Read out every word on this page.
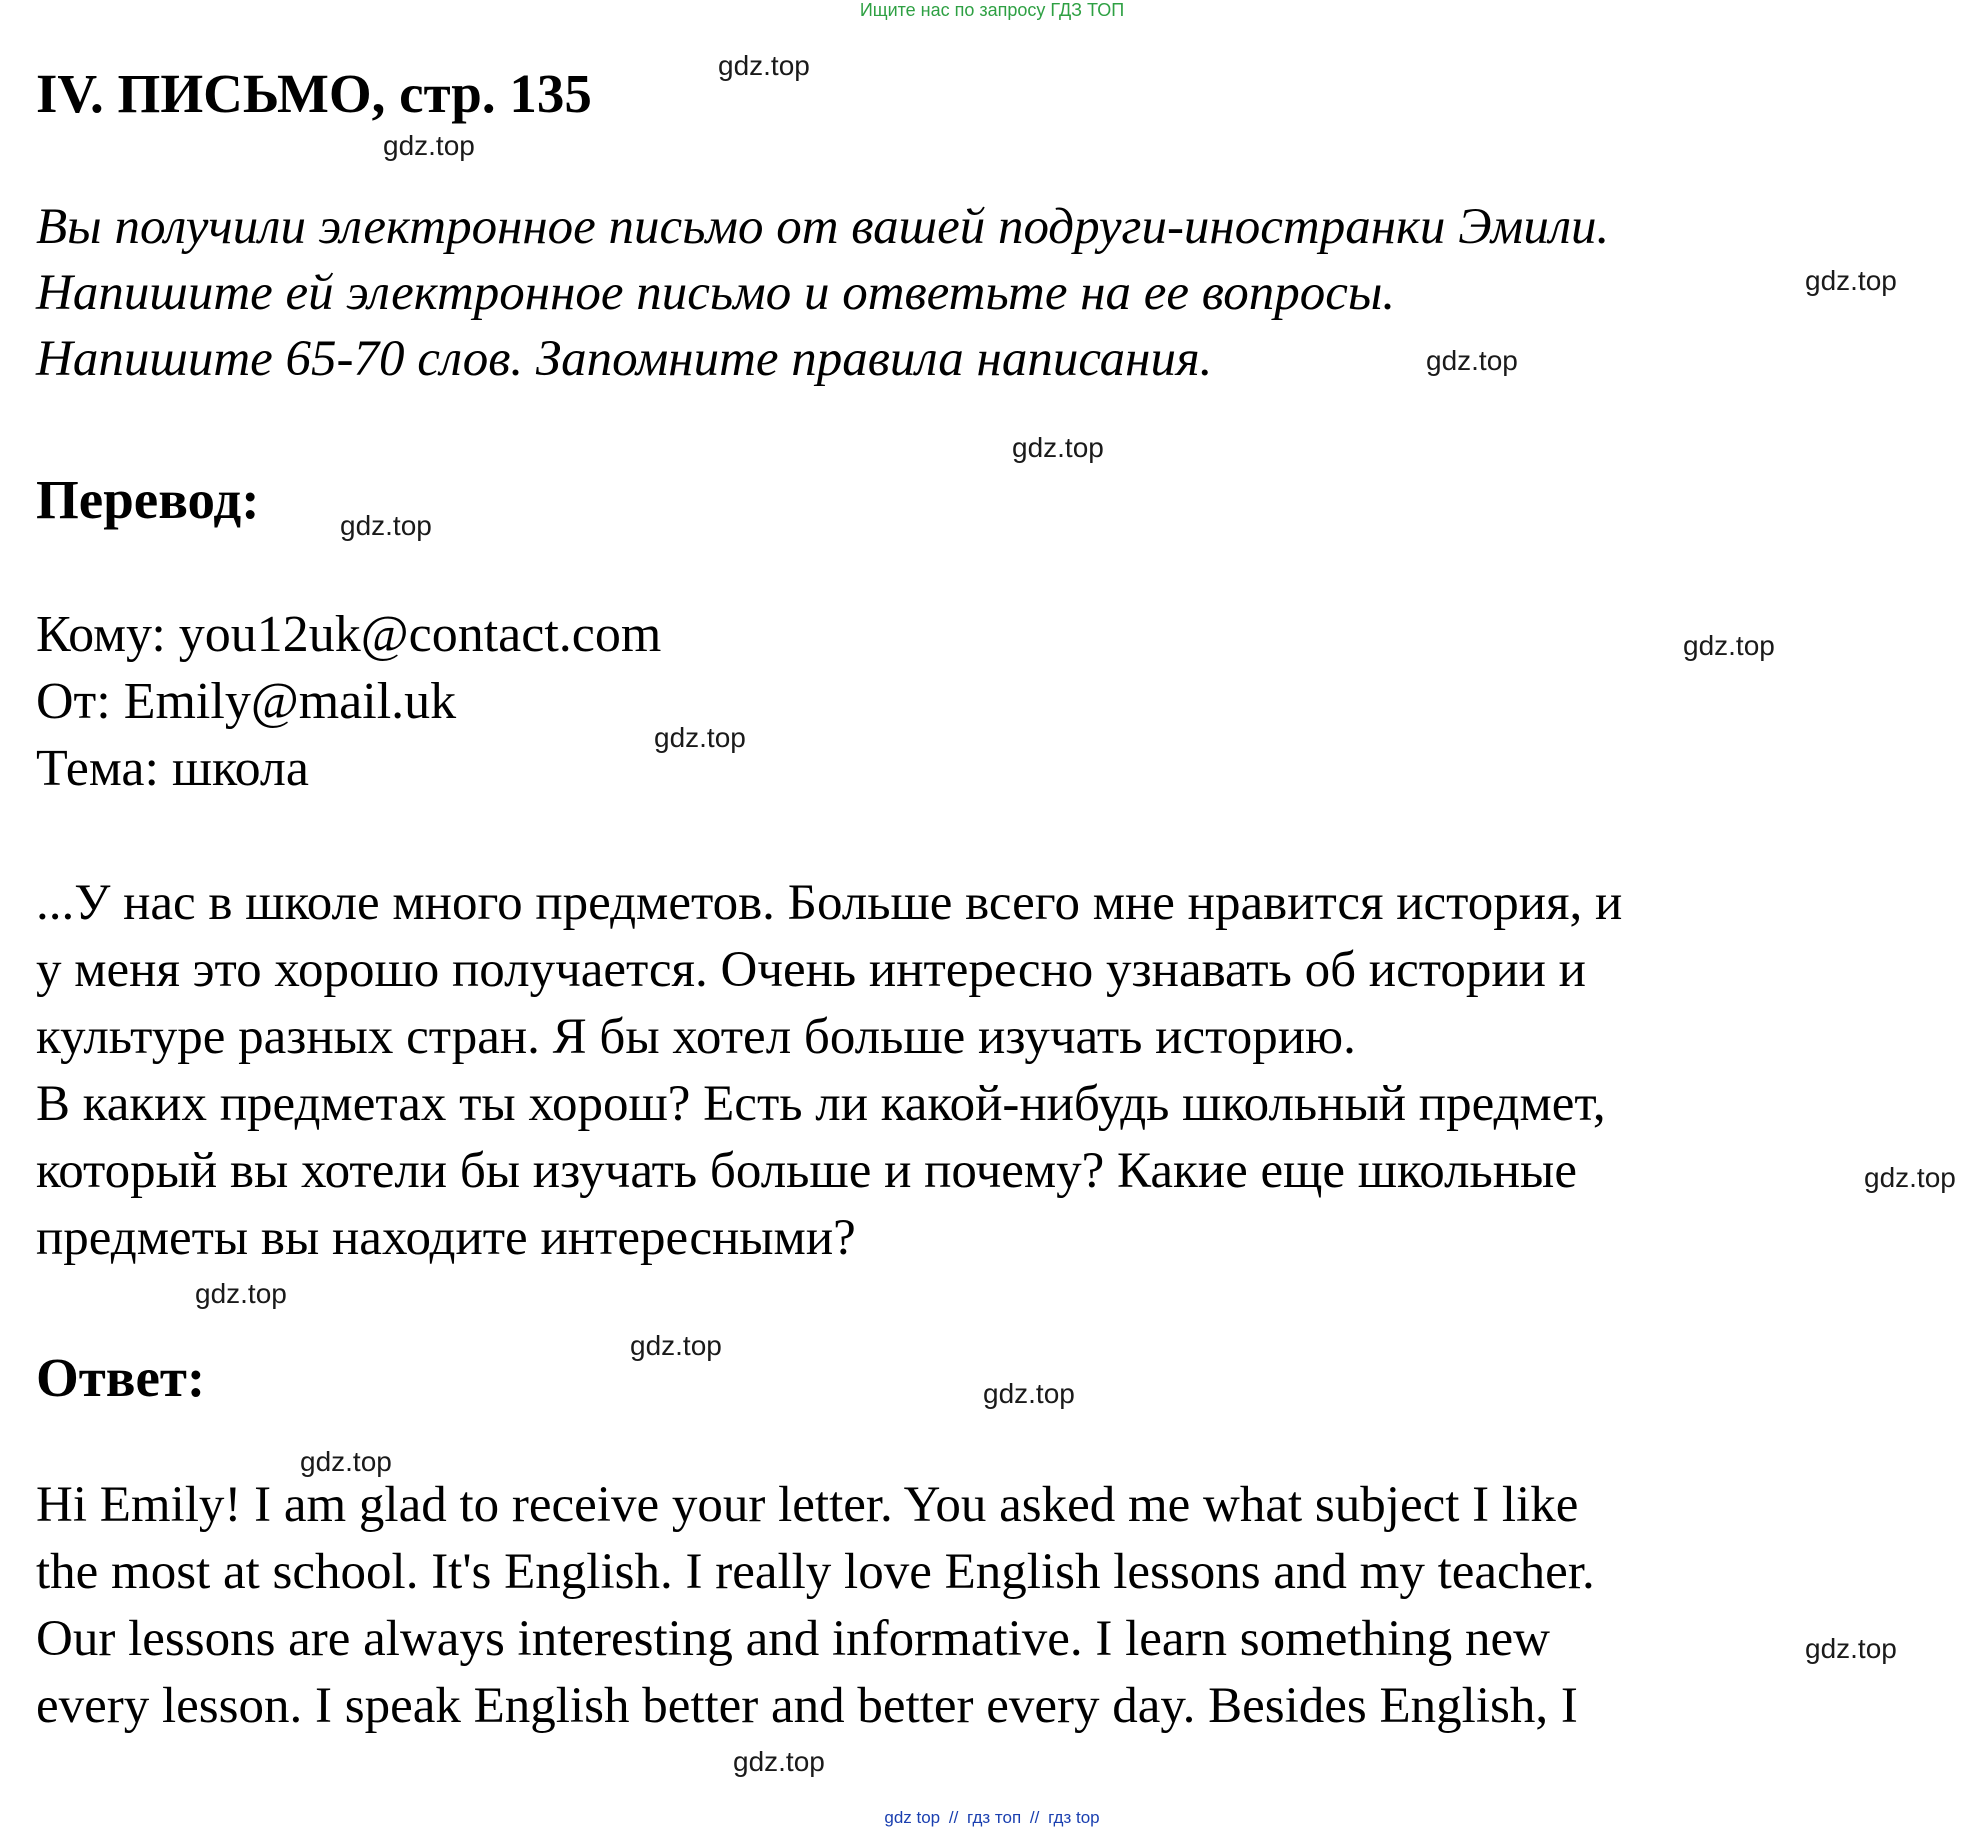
Ищите нас по запросу ГДЗ ТОП
IV. ПИСЬМО, стр. 135
Вы получили электронное письмо от вашей подруги-иностранки Эмили.
Напишите ей электронное письмо и ответьте на ее вопросы.
Напишите 65-70 слов. Запомните правила написания.
Перевод:
Кому: you12uk@contact.com
От: Emily@mail.uk
Тема: школа
...У нас в школе много предметов. Больше всего мне нравится история, и
у меня это хорошо получается. Очень интересно узнавать об истории и
культуре разных стран. Я бы хотел больше изучать историю.
В каких предметах ты хорош? Есть ли какой-нибудь школьный предмет,
который вы хотели бы изучать больше и почему? Какие еще школьные
предметы вы находите интересными?
Ответ:
Hi Emily! I am glad to receive your letter. You asked me what subject I like
the most at school. It's English. I really love English lessons and my teacher.
Our lessons are always interesting and informative. I learn something new
every lesson. I speak English better and better every day. Besides English, I
gdz.top
gdz.top
gdz.top
gdz.top
gdz.top
gdz.top
gdz.top
gdz.top
gdz.top
gdz.top
gdz.top
gdz.top
gdz.top
gdz.top
gdz.top
gdz top // гдз топ // гдз top
